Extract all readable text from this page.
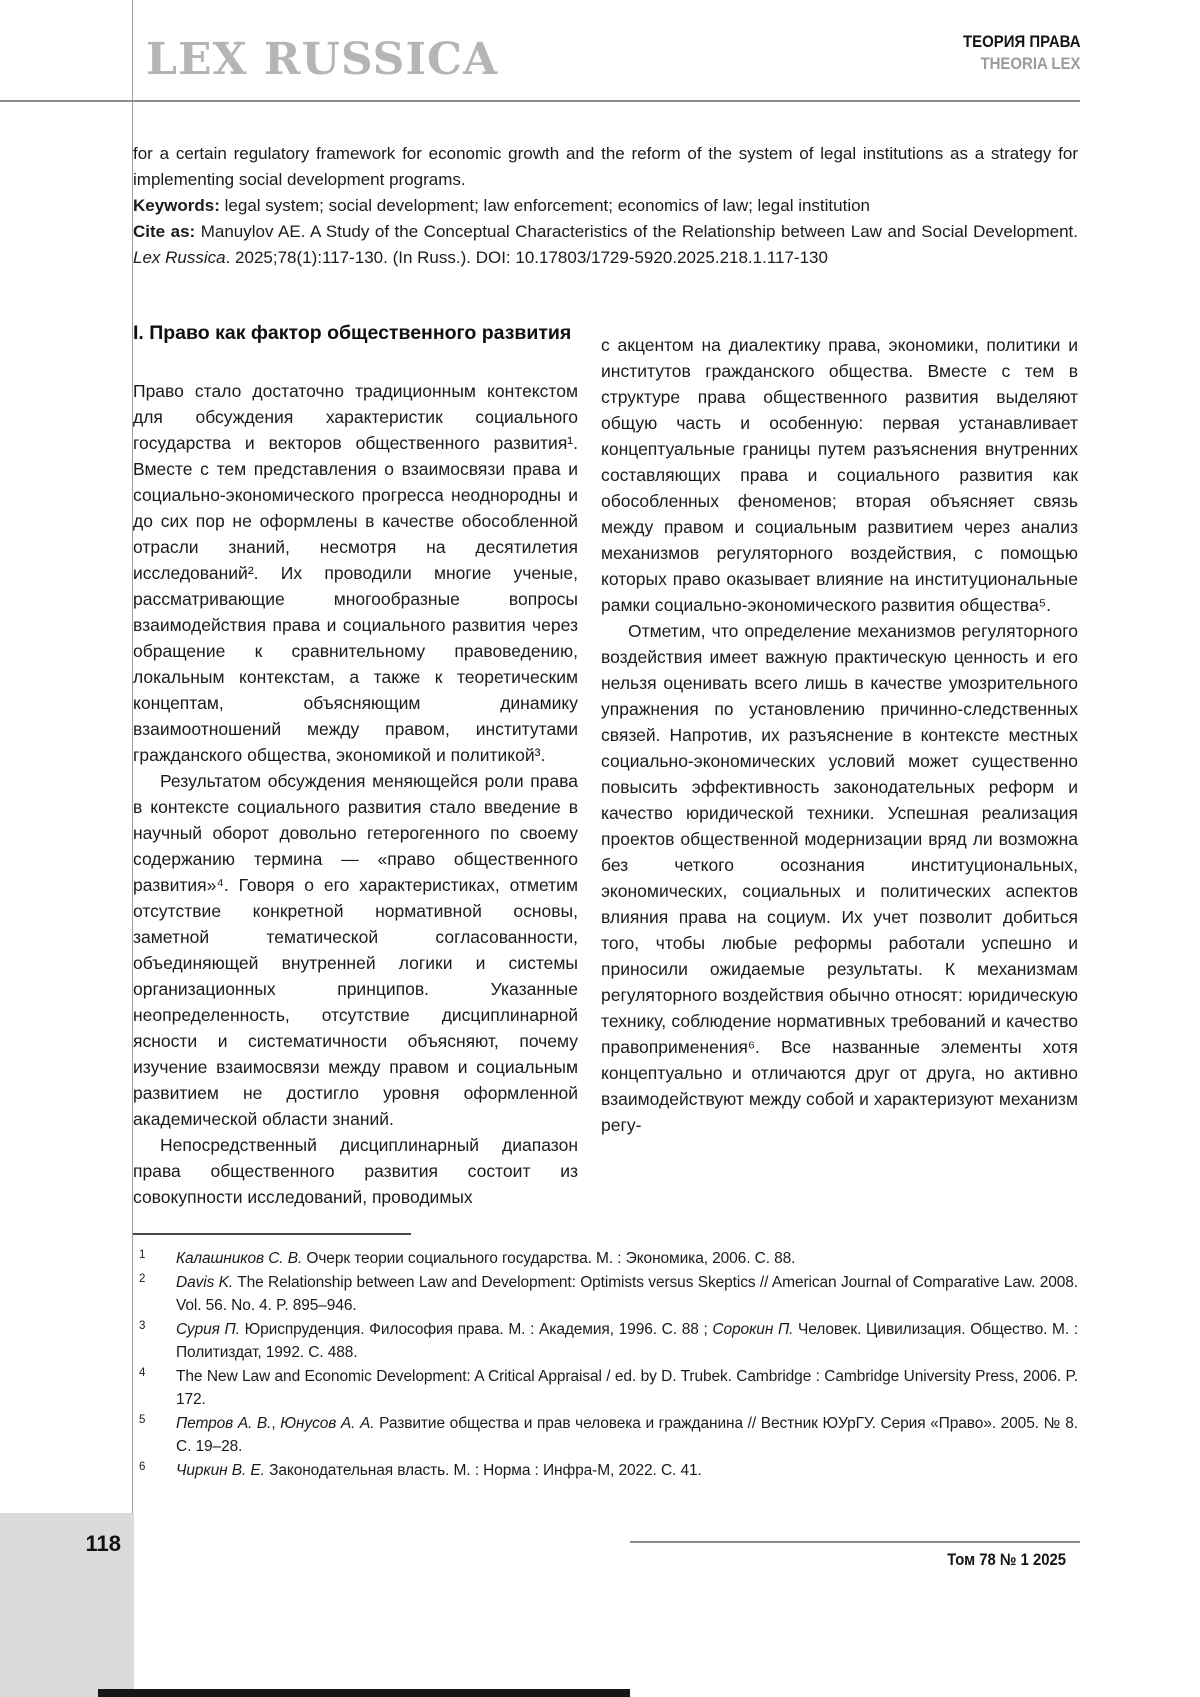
LEX RUSSICA	ТЕОРИЯ ПРАВА
THEORIA LEX

for a certain regulatory framework for economic growth and the reform of the system of legal institutions as a strategy for implementing social development programs.

Keywords: legal system; social development; law enforcement; economics of law; legal institution

Cite as: Manuylov AE. A Study of the Conceptual Characteristics of the Relationship between Law and Social Development. Lex Russica. 2025;78(1):117-130. (In Russ.). DOI: 10.17803/1729-5920.2025.218.1.117-130

I. Право как фактор общественного развития

Право стало достаточно традиционным контекстом для обсуждения характеристик социального государства и векторов общественного развития¹. Вместе с тем представления о взаимосвязи права и социально-экономического прогресса неоднородны и до сих пор не оформлены в качестве обособленной отрасли знаний, несмотря на десятилетия исследований². Их проводили многие ученые, рассматривающие многообразные вопросы взаимодействия права и социального развития через обращение к сравнительному правоведению, локальным контекстам, а также к теоретическим концептам, объясняющим динамику взаимоотношений между правом, институтами гражданского общества, экономикой и политикой³.

Результатом обсуждения меняющейся роли права в контексте социального развития стало введение в научный оборот довольно гетерогенного по своему содержанию термина — «право общественного развития»⁴. Говоря о его характеристиках, отметим отсутствие конкретной нормативной основы, заметной тематической согласованности, объединяющей внутренней логики и системы организационных принципов. Указанные неопределенность, отсутствие дисциплинарной ясности и систематичности объясняют, почему изучение взаимосвязи между правом и социальным развитием не достигло уровня оформленной академической области знаний.

Непосредственный дисциплинарный диапазон права общественного развития состоит из совокупности исследований, проводимых

с акцентом на диалектику права, экономики, политики и институтов гражданского общества. Вместе с тем в структуре права общественного развития выделяют общую часть и особенную: первая устанавливает концептуальные границы путем разъяснения внутренних составляющих права и социального развития как обособленных феноменов; вторая объясняет связь между правом и социальным развитием через анализ механизмов регуляторного воздействия, с помощью которых право оказывает влияние на институциональные рамки социально-экономического развития общества⁵.

Отметим, что определение механизмов регуляторного воздействия имеет важную практическую ценность и его нельзя оценивать всего лишь в качестве умозрительного упражнения по установлению причинно-следственных связей. Напротив, их разъяснение в контексте местных социально-экономических условий может существенно повысить эффективность законодательных реформ и качество юридической техники. Успешная реализация проектов общественной модернизации вряд ли возможна без четкого осознания институциональных, экономических, социальных и политических аспектов влияния права на социум. Их учет позволит добиться того, чтобы любые реформы работали успешно и приносили ожидаемые результаты. К механизмам регуляторного воздействия обычно относят: юридическую технику, соблюдение нормативных требований и качество правоприменения⁶. Все названные элементы хотя концептуально и отличаются друг от друга, но активно взаимодействуют между собой и характеризуют механизм регу-

1 Калашников С. В. Очерк теории социального государства. М. : Экономика, 2006. С. 88.
2 Davis K. The Relationship between Law and Development: Optimists versus Skeptics // American Journal of Comparative Law. 2008. Vol. 56. No. 4. P. 895–946.
3 Сурия П. Юриспруденция. Философия права. М. : Академия, 1996. С. 88 ; Сорокин П. Человек. Цивилизация. Общество. М. : Политиздат, 1992. С. 488.
4 The New Law and Economic Development: A Critical Appraisal / ed. by D. Trubek. Cambridge : Cambridge University Press, 2006. P. 172.
5 Петров А. В., Юнусов А. А. Развитие общества и прав человека и гражданина // Вестник ЮУрГУ. Серия «Право». 2005. № 8. С. 19–28.
6 Чиркин В. Е. Законодательная власть. М. : Норма : Инфра-М, 2022. С. 41.
118
Том 78 № 1 2025
